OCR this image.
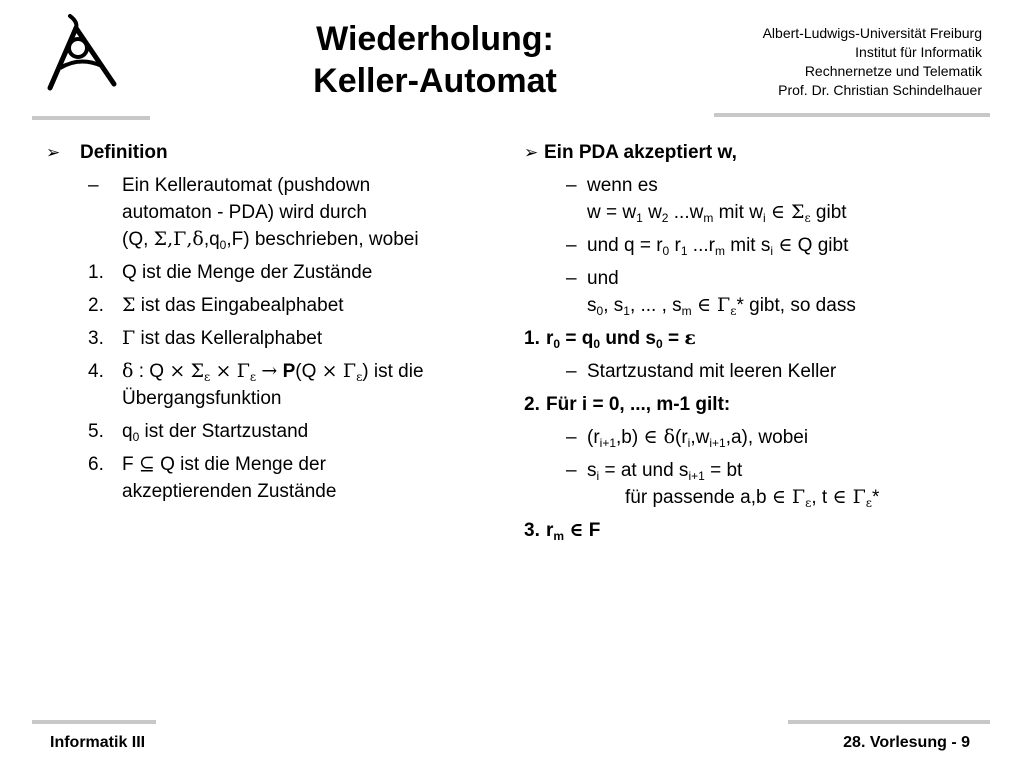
Wiederholung:
Keller-Automat
Albert-Ludwigs-Universität Freiburg
Institut für Informatik
Rechnernetze und Telematik
Prof. Dr. Christian Schindelhauer
➢ Definition
– Ein Kellerautomat (pushdown
automaton - PDA) wird durch
(Q, $\Sigma,\Gamma,\delta,q_0,F$) beschrieben, wobei
1. Q ist die Menge der Zustände
2. Σ ist das Eingabealphabet
3. Γ ist das Kelleralphabet
4. δ : $Q \times \Sigma_\varepsilon \times \Gamma_\varepsilon \to P(Q \times \Gamma_\varepsilon)$ ist die
Übergangsfunktion
5. $q_0$ ist der Startzustand
6. F ⊆ Q ist die Menge der
akzeptierenden Zustände
➢ Ein PDA akzeptiert w,
– wenn es
$w = w_1$ $w_2$ $...w_m$ mit $w_i$ ∈ $\Sigma_\varepsilon$ gibt
– und $q = r_0$ $r_1$ $...r_m$ mit $s_i$ ∈ Q gibt
– und
$s_0$, $s_1$, ... , $s_m$ ∈ $\Gamma_\varepsilon*$ gibt, so dass
1. $r_0 = q_0$ und $s_0 = \varepsilon$
– Startzustand mit leeren Keller
2. Für i = 0, ..., m-1 gilt:
– $(r_{i+1},b)$ ∈ $\delta(r_i,w_{i+1},a)$, wobei
– $s_i$ = at und $s_{i+1}$ = bt
für passende a,b ∈ $\Gamma_\varepsilon$, t ∈ $\Gamma_\varepsilon*$
3. $r_m$ ∈ F
Informatik III	28. Vorlesung - 9
